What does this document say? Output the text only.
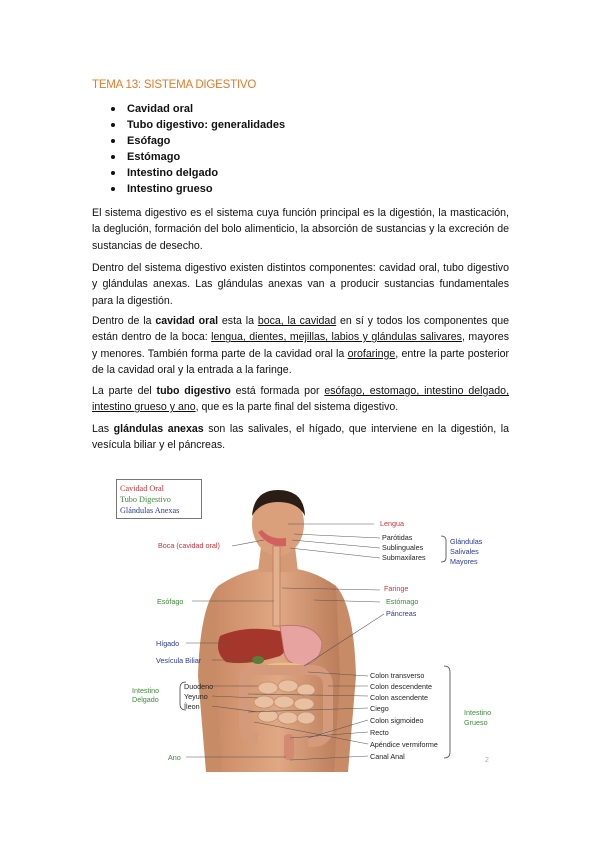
TEMA 13: SISTEMA DIGESTIVO
Cavidad oral
Tubo digestivo: generalidades
Esófago
Estómago
Intestino delgado
Intestino grueso

El sistema digestivo es el sistema cuya función principal es la digestión, la masticación, la deglución, formación del bolo alimenticio, la absorción de sustancias y la excreción de sustancias de desecho.

Dentro del sistema digestivo existen distintos componentes: cavidad oral, tubo digestivo y glándulas anexas. Las glándulas anexas van a producir sustancias fundamentales para la digestión.

Dentro de la cavidad oral esta la boca, la cavidad en sí y todos los componentes que están dentro de la boca: lengua, dientes, mejillas, labios y glándulas salivares, mayores y menores. También forma parte de la cavidad oral la orofaringe, entre la parte posterior de la cavidad oral y la entrada a la faringe.

La parte del tubo digestivo está formada por esófago, estomago, intestino delgado, intestino grueso y ano, que es la parte final del sistema digestivo.

Las glándulas anexas son las salivales, el hígado, que interviene en la digestión, la vesícula biliar y el páncreas.

Cavidad Oral
Tubo Digestivo
Glándulas Anexas
Boca (cavidad oral)
Esófago
Hígado
Vesícula Biliar
Intestino
Delgado
Duodeno
Yeyuno
Íleon
Ano
Lengua
Parótidas
Sublinguales
Submaxilares
Glándulas
Salivales
Mayores
Faringe
Estómago
Páncreas
Colon transverso
Colon descendente
Colon ascendente
Ciego
Colon sigmoideo
Recto
Apéndice vermiforme
Canal Anal
Intestino
Grueso
2
